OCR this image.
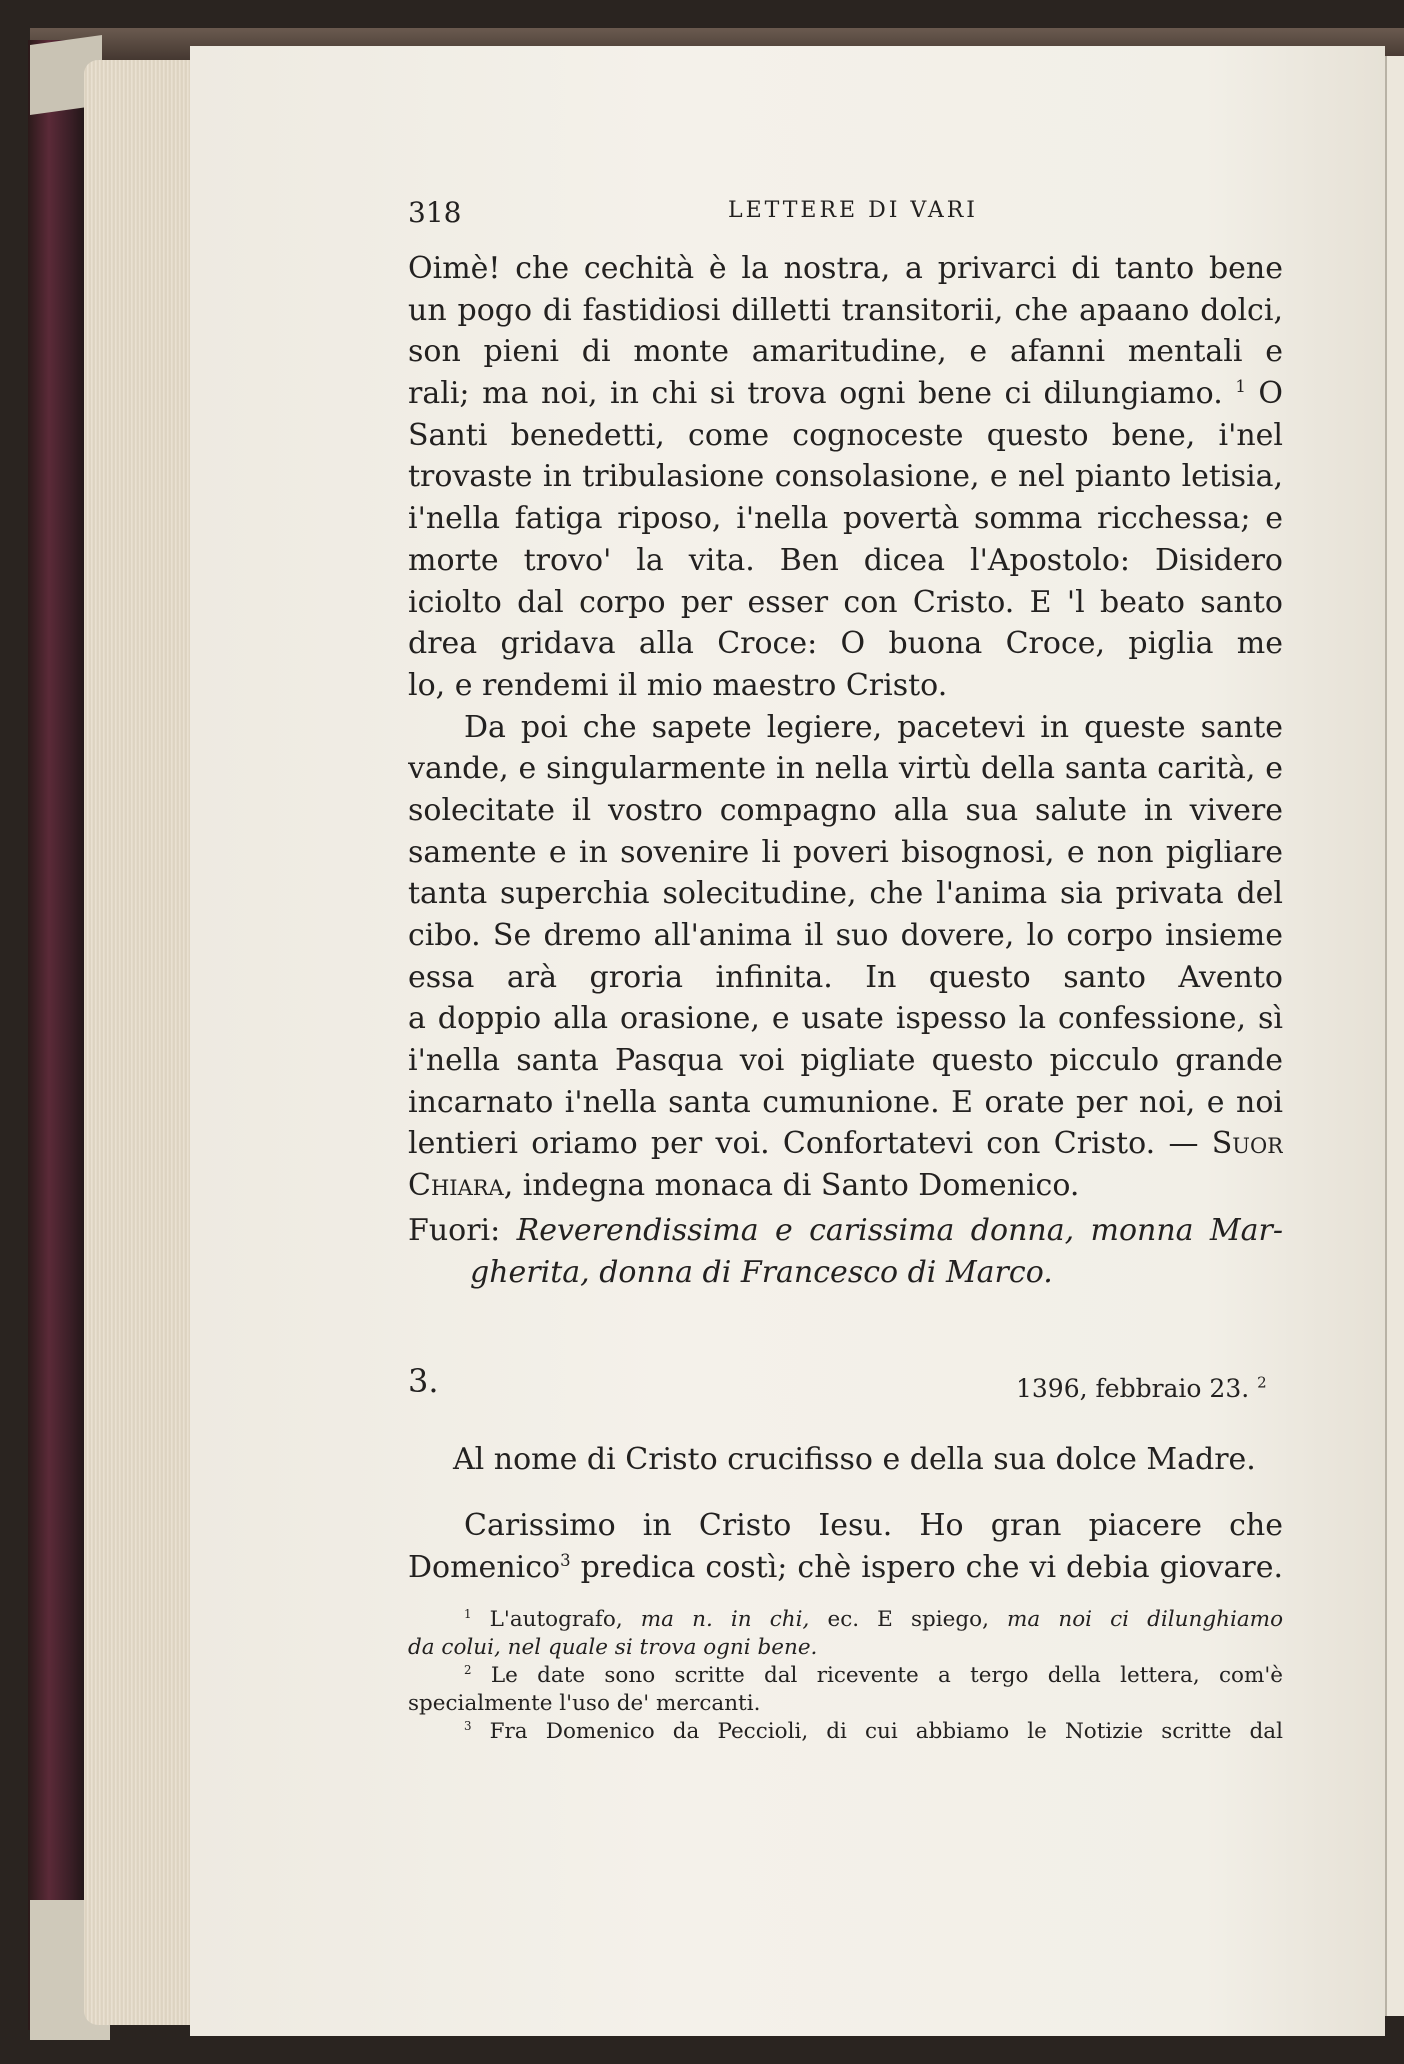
318	LETTERE DI VARI
Oimè! che cechità è la nostra, a privarci di tanto bene
un pogo di fastidiosi dilletti transitorii, che apaano dolci,
son pieni di monte amaritudine, e afanni mentali e
rali; ma noi, in chi si trova ogni bene ci dilungiamo. $^1$ O
Santi benedetti, come cognoceste questo bene, i'nel
trovaste in tribulasione consolasione, e nel pianto letisia,
i'nella fatiga riposo, i'nella povertà somma ricchessa; e
morte trovo' la vita. Ben dicea l'Apostolo: Disidero
iciolto dal corpo per esser con Cristo. E 'l beato santo
drea gridava alla Croce: O buona Croce, piglia me
lo, e rendemi il mio maestro Cristo.
Da poi che sapete legiere, pacetevi in queste sante
vande, e singularmente in nella virtù della santa carità, e
solecitate il vostro compagno alla sua salute in vivere
samente e in sovenire li poveri bisognosi, e non pigliare
tanta superchia solecitudine, che l'anima sia privata del
cibo. Se dremo all'anima il suo dovere, lo corpo insieme
essa arà groria infinita. In questo santo Avento
a doppio alla orasione, e usate ispesso la confessione, sì
i'nella santa Pasqua voi pigliate questo picculo grande
incarnato i'nella santa cumunione. E orate per noi, e noi
lentieri oriamo per voi. Confortatevi con Cristo. — Suor
Chiara, indegna monaca di Santo Domenico.
Fuori: Reverendissima e carissima donna, monna Mar-
gherita, donna di Francesco di Marco.
3.	1396, febbraio 23. $^2$
Al nome di Cristo crucifisso e della sua dolce Madre.
Carissimo in Cristo Iesu. Ho gran piacere che
Domenico$^3$ predica costì; chè ispero che vi debia giovare.
$^1$ L'autografo, ma n. in chi, ec. E spiego, ma noi ci dilunghiamo
da colui, nel quale si trova ogni bene.
$^2$ Le date sono scritte dal ricevente a tergo della lettera, com'è
specialmente l'uso de' mercanti.
$^3$ Fra Domenico da Peccioli, di cui abbiamo le Notizie scritte dal
